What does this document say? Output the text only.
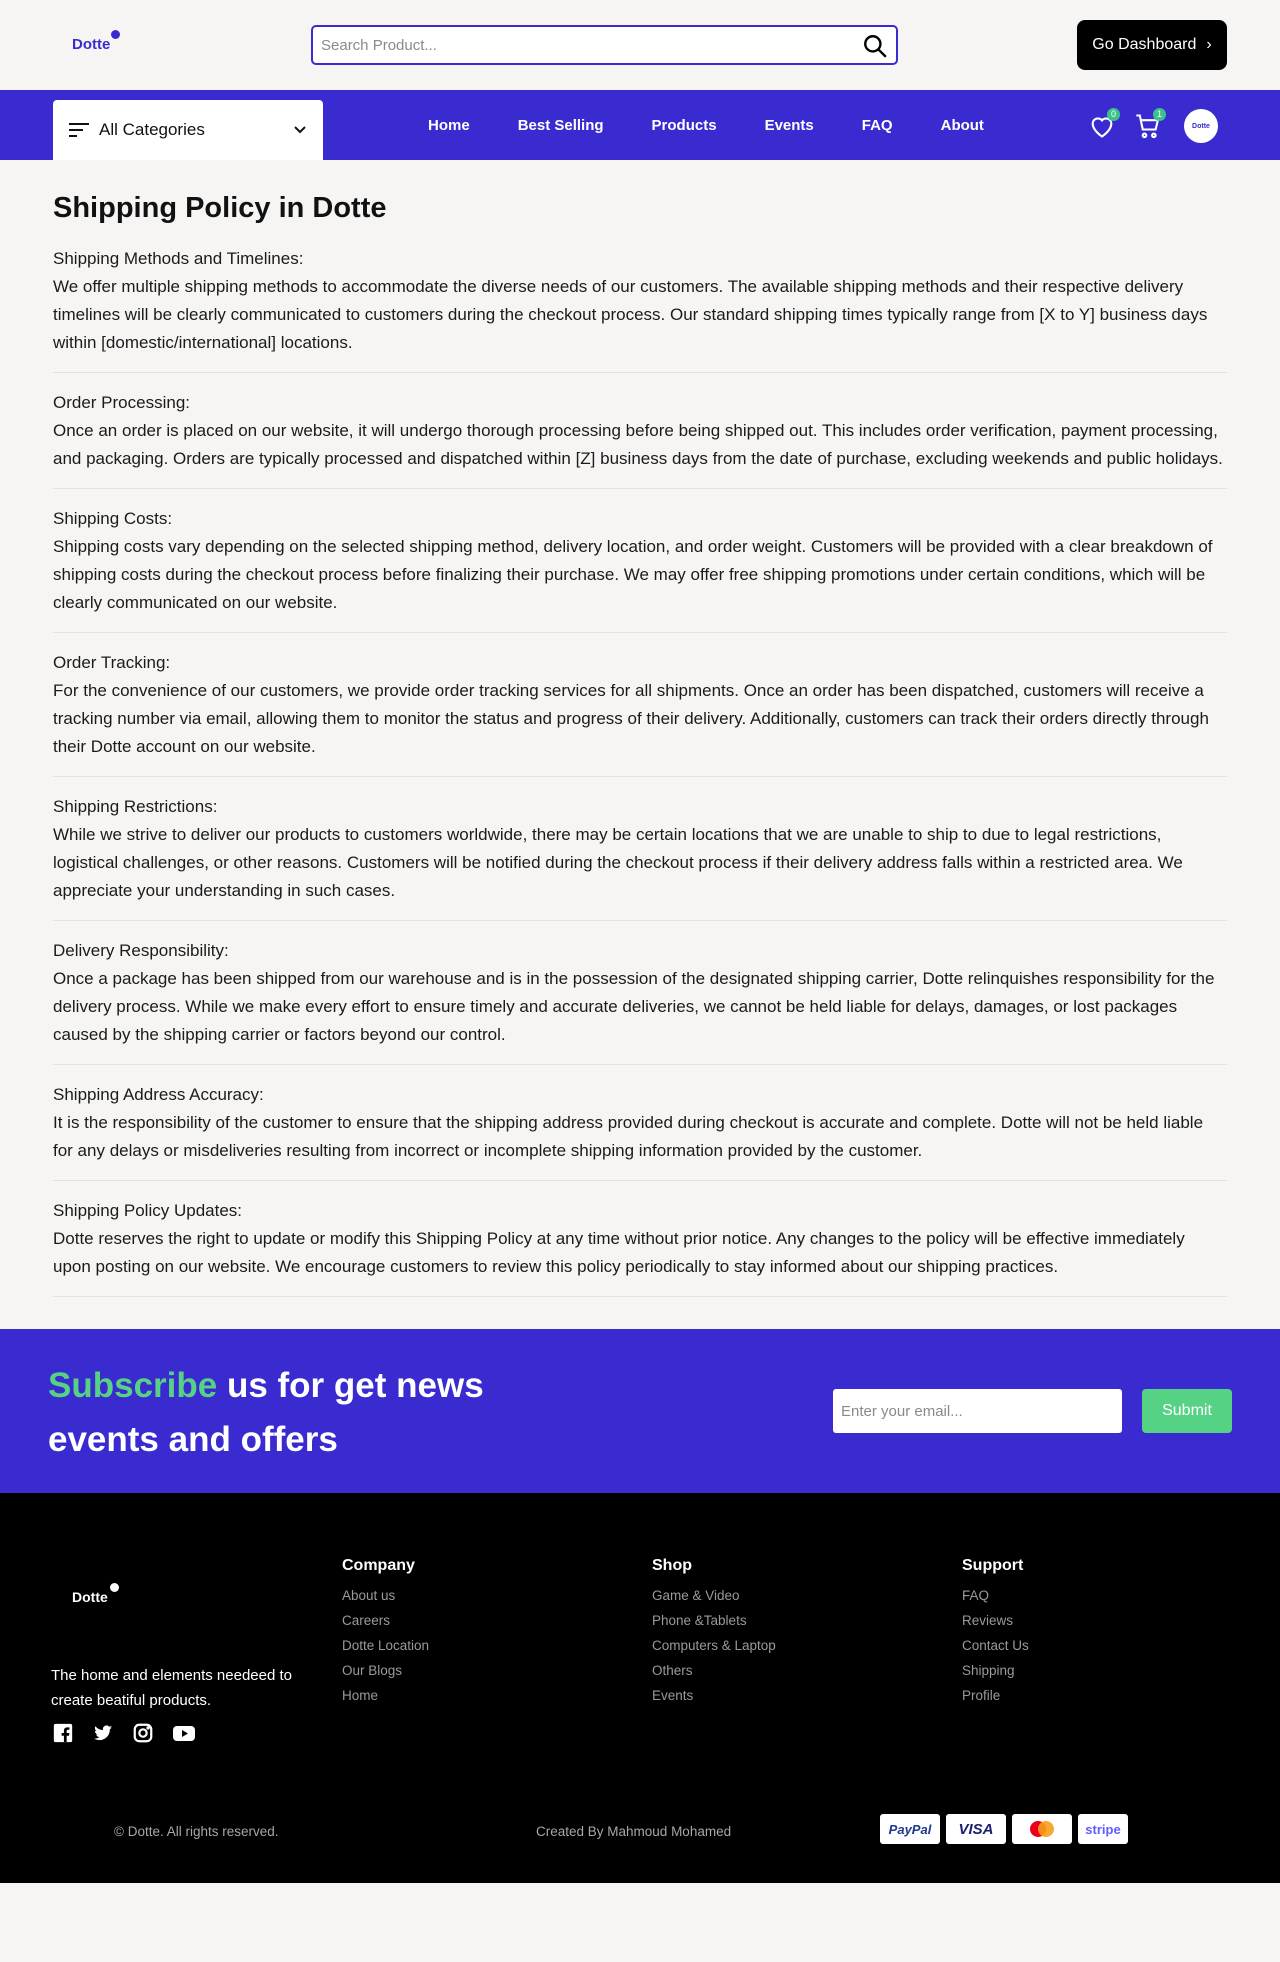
Dotte
Search Product...	Go Dashboard ›
All Categories	Home	Best Selling	Products	Events	FAQ	About
0	1
Dotte
Shipping Policy in Dotte
Shipping Methods and Timelines:

We offer multiple shipping methods to accommodate the diverse needs of our customers. The available shipping methods and their respective delivery timelines will be clearly communicated to customers during the checkout process. Our standard shipping times typically range from [X to Y] business days within [domestic/international] locations.

Order Processing:

Once an order is placed on our website, it will undergo thorough processing before being shipped out. This includes order verification, payment processing, and packaging. Orders are typically processed and dispatched within [Z] business days from the date of purchase, excluding weekends and public holidays.

Shipping Costs:

Shipping costs vary depending on the selected shipping method, delivery location, and order weight. Customers will be provided with a clear breakdown of shipping costs during the checkout process before finalizing their purchase. We may offer free shipping promotions under certain conditions, which will be clearly communicated on our website.

Order Tracking:

For the convenience of our customers, we provide order tracking services for all shipments. Once an order has been dispatched, customers will receive a tracking number via email, allowing them to monitor the status and progress of their delivery. Additionally, customers can track their orders directly through their Dotte account on our website.

Shipping Restrictions:

While we strive to deliver our products to customers worldwide, there may be certain locations that we are unable to ship to due to legal restrictions, logistical challenges, or other reasons. Customers will be notified during the checkout process if their delivery address falls within a restricted area. We appreciate your understanding in such cases.

Delivery Responsibility:

Once a package has been shipped from our warehouse and is in the possession of the designated shipping carrier, Dotte relinquishes responsibility for the delivery process. While we make every effort to ensure timely and accurate deliveries, we cannot be held liable for delays, damages, or lost packages caused by the shipping carrier or factors beyond our control.

Shipping Address Accuracy:

It is the responsibility of the customer to ensure that the shipping address provided during checkout is accurate and complete. Dotte will not be held liable for any delays or misdeliveries resulting from incorrect or incomplete shipping information provided by the customer.

Shipping Policy Updates:

Dotte reserves the right to update or modify this Shipping Policy at any time without prior notice. Any changes to the policy will be effective immediately upon posting on our website. We encourage customers to review this policy periodically to stay informed about our shipping practices.

Subscribe us for get news events and offers
Enter your email...
Submit
Dotte

The home and elements needeed to create beatiful products.

Company
About us
Careers
Dotte Location
Our Blogs
Home
Shop
Game & Video
Phone &Tablets
Computers & Laptop
Others
Events
Support
FAQ
Reviews
Contact Us
Shipping
Profile

© Dotte. All rights reserved.	Created By Mahmoud Mohamed	PayPal VISA	stripe
